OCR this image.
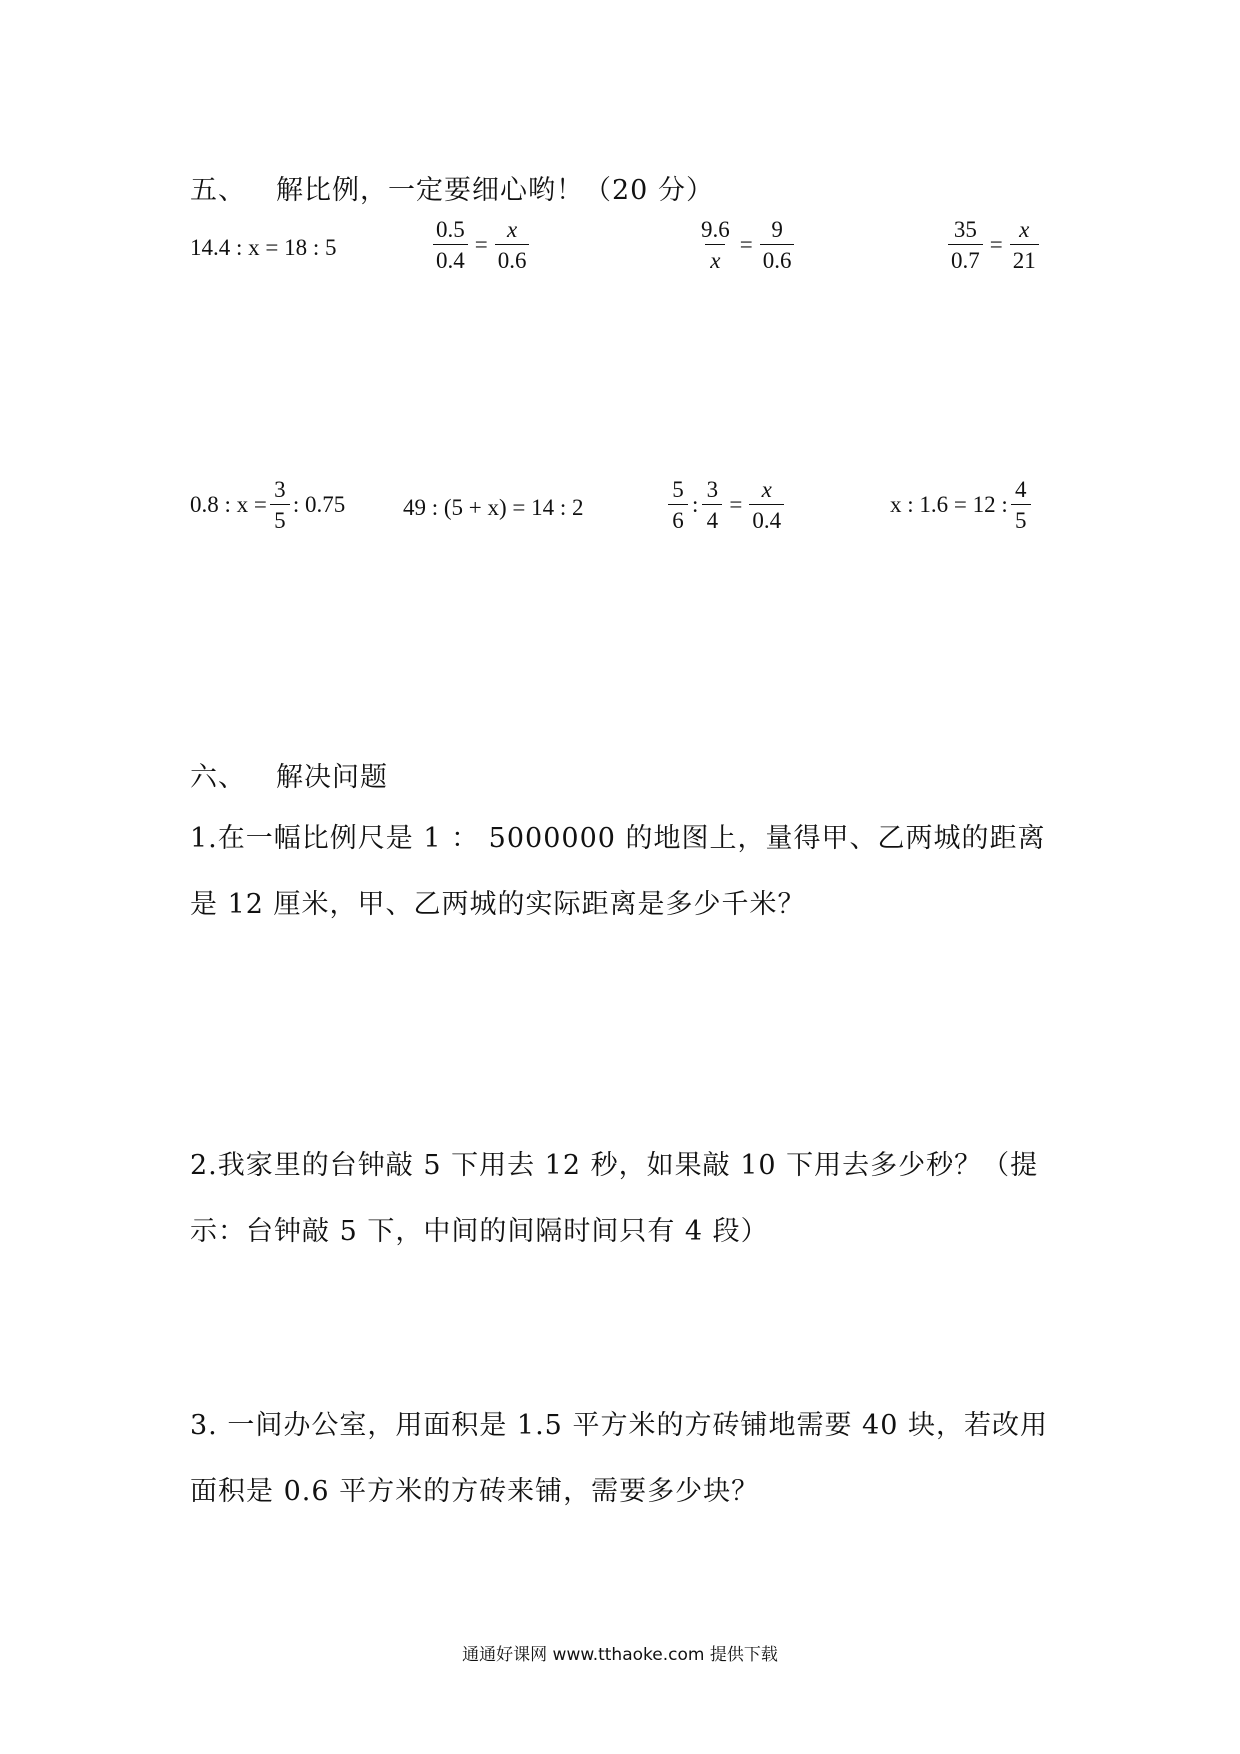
五、 解比例，一定要细心哟！（20 分）
14.4 : x = 18 : 5	$\frac{0.5}{0.4} = \frac{x}{0.6}$	$\frac{9.6}{x} = \frac{9}{0.6}$	$\frac{35}{0.7} = \frac{x}{21}$
0.8 : $x = \frac{3}{5}$ : 0.75	49 : (5 + x) = 14 : 2	$\frac{5}{6}$ : $\frac{3}{4} = \frac{x}{0.4}$	x : 1.6 = 12 : $\frac{4}{5}$
六、 解决问题
1.在一幅比例尺是 1 ： 5000000 的地图上，量得甲、乙两城的距离是 12 厘米，甲、乙两城的实际距离是多少千米？
2.我家里的台钟敲 5 下用去 12 秒，如果敲 10 下用去多少秒？（提示：台钟敲 5 下，中间的间隔时间只有 4 段）
3. 一间办公室，用面积是 1.5 平方米的方砖铺地需要 40 块，若改用面积是 0.6 平方米的方砖来铺，需要多少块？
通通好课网 www.tthaoke.com 提供下载
